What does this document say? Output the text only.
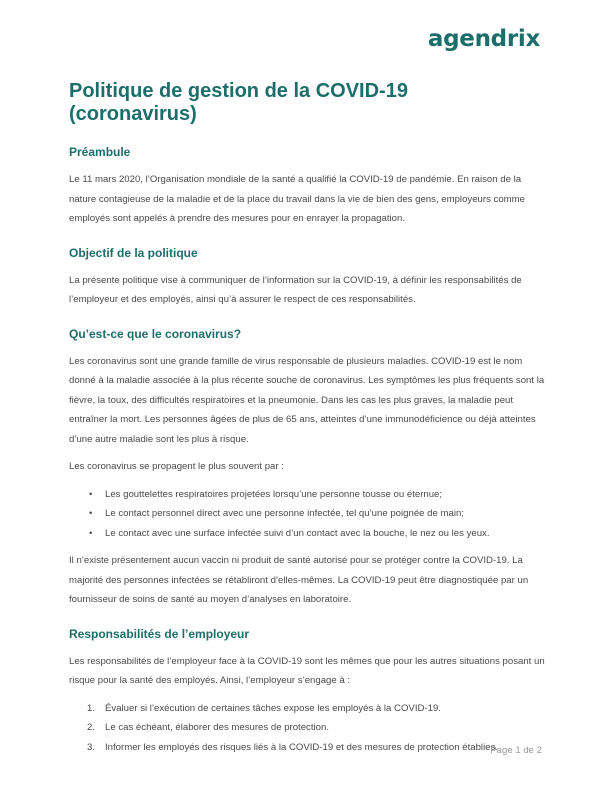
agendrix
Politique de gestion de la COVID-19 (coronavirus)
Préambule

Le 11 mars 2020, l’Organisation mondiale de la santé a qualifié la COVID-19 de pandémie. En raison de la nature contagieuse de la maladie et de la place du travail dans la vie de bien des gens, employeurs comme employés sont appelés à prendre des mesures pour en enrayer la propagation.

Objectif de la politique

La présente politique vise à communiquer de l’information sur la COVID-19, à définir les responsabilités de l’employeur et des employés, ainsi qu’à assurer le respect de ces responsabilités.

Qu’est-ce que le coronavirus?

Les coronavirus sont une grande famille de virus responsable de plusieurs maladies. COVID-19 est le nom donné à la maladie associée à la plus récente souche de coronavirus. Les symptômes les plus fréquents sont la fièvre, la toux, des difficultés respiratoires et la pneumonie. Dans les cas les plus graves, la maladie peut entraîner la mort. Les personnes âgées de plus de 65 ans, atteintes d’une immunodéficience ou déjà atteintes d’une autre maladie sont les plus à risque.

Les coronavirus se propagent le plus souvent par :

• Les gouttelettes respiratoires projetées lorsqu’une personne tousse ou éternue;
• Le contact personnel direct avec une personne infectée, tel qu’une poignée de main;
• Le contact avec une surface infectée suivi d’un contact avec la bouche, le nez ou les yeux.

Il n’existe présentement aucun vaccin ni produit de santé autorisé pour se protéger contre la COVID-19. La majorité des personnes infectées se rétabliront d’elles-mêmes. La COVID-19 peut être diagnostiquée par un fournisseur de soins de santé au moyen d’analyses en laboratoire.

Responsabilités de l’employeur

Les responsabilités de l’employeur face à la COVID-19 sont les mêmes que pour les autres situations posant un risque pour la santé des employés. Ainsi, l’employeur s’engage à :

1. Évaluer si l’exécution de certaines tâches expose les employés à la COVID-19.
2. Le cas échéant, élaborer des mesures de protection.
3. Informer les employés des risques liés à la COVID-19 et des mesures de protection établies.
Page 1 de 2
